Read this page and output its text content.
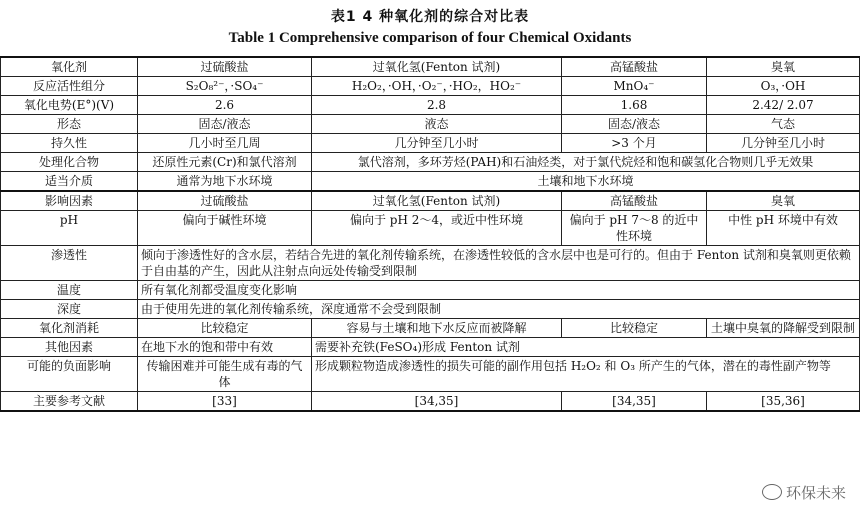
表1 4 种氧化剂的综合对比表
Table 1 Comprehensive comparison of four Chemical Oxidants
氧化剂	过硫酸盐	过氧化氢(Fenton 试剂)	高锰酸盐	臭氧
反应活性组分	S₂O₈²⁻，·SO₄⁻	H₂O₂，·OH，·O₂⁻，·HO₂，HO₂⁻	MnO₄⁻	O₃，·OH
氧化电势(E°)(V)	2.6	2.8	1.68	2.42/ 2.07
形态	固态/液态	液态	固态/液态	气态
持久性	几小时至几周	几分钟至几小时	>3 个月	几分钟至几小时
处理化合物	还原性元素(Cr)和氯代溶剂	氯代溶剂，多环芳烃(PAH)和石油烃类，对于氯代烷烃和饱和碳氢化合物则几乎无效果		
适当介质	通常为地下水环境	土壤和地下水环境		
影响因素	过硫酸盐	过氧化氢(Fenton 试剂)	高锰酸盐	臭氧
pH	偏向于碱性环境	偏向于 pH 2～4，或近中性环境	偏向于 pH 7～8 的近中性环境	中性 pH 环境中有效
渗透性	倾向于渗透性好的含水层，若结合先进的氧化剂传输系统，在渗透性较低的含水层中也是可行的。但由于 Fenton 试剂和臭氧则更依赖于自由基的产生，因此从注射点向远处传输受到限制			
温度	所有氧化剂都受温度变化影响			
深度	由于使用先进的氧化剂传输系统，深度通常不会受到限制			
氧化剂消耗	比较稳定	容易与土壤和地下水反应而被降解	比较稳定	土壤中臭氧的降解受到限制
其他因素	在地下水的饱和带中有效	需要补充铁(FeSO₄)形成 Fenton 试剂		
可能的负面影响	传输困难并可能生成有毒的气体	形成颗粒物造成渗透性的损失可能的副作用包括 H₂O₂ 和 O₃ 所产生的气体，潜在的毒性副产物等		
主要参考文献	[33]	[34,35]	[34,35]	[35,36]
环保未来
